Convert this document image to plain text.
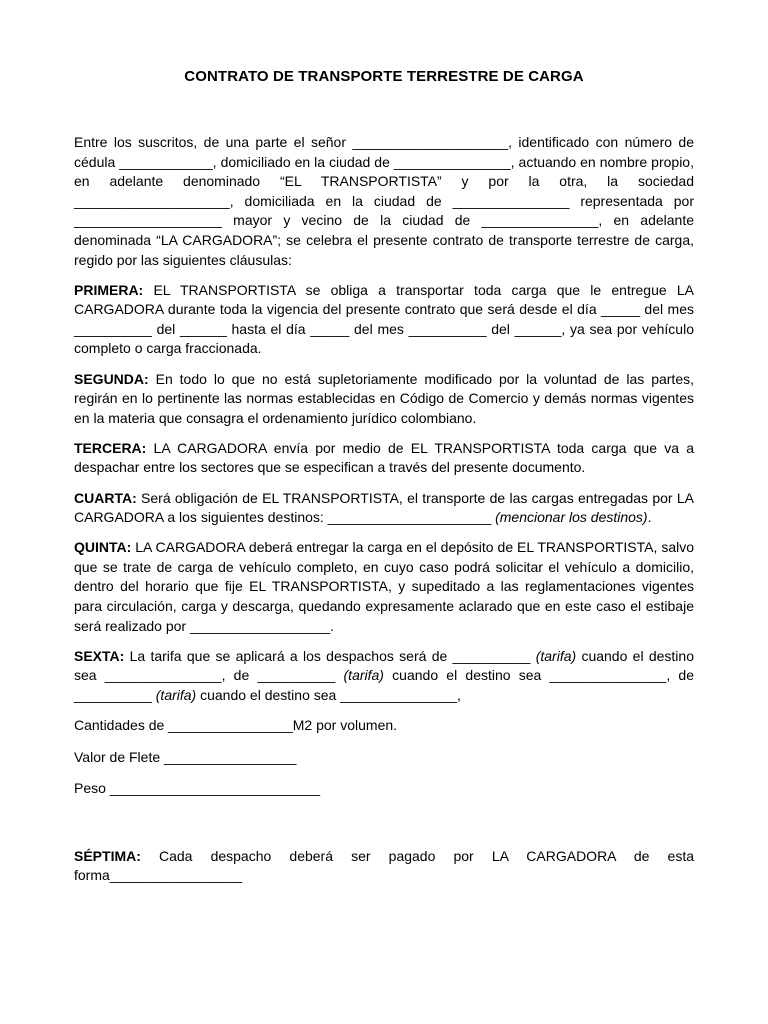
CONTRATO DE TRANSPORTE TERRESTRE DE CARGA

Entre los suscritos, de una parte el señor ____________________, identificado con número de cédula ____________, domiciliado en la ciudad de _______________, actuando en nombre propio, en adelante denominado “EL TRANSPORTISTA” y por la otra, la sociedad ____________________, domiciliada en la ciudad de _______________ representada por ___________________ mayor y vecino de la ciudad de _______________, en adelante denominada “LA CARGADORA”; se celebra el presente contrato de transporte terrestre de carga, regido por las siguientes cláusulas:

PRIMERA: EL TRANSPORTISTA se obliga a transportar toda carga que le entregue LA CARGADORA durante toda la vigencia del presente contrato que será desde el día _____ del mes __________ del ______ hasta el día _____ del mes __________ del ______, ya sea por vehículo completo o carga fraccionada.

SEGUNDA: En todo lo que no está supletoriamente modificado por la voluntad de las partes, regirán en lo pertinente las normas establecidas en Código de Comercio y demás normas vigentes en la materia que consagra el ordenamiento jurídico colombiano.

TERCERA: LA CARGADORA envía por medio de EL TRANSPORTISTA toda carga que va a despachar entre los sectores que se especifican a través del presente documento.

CUARTA: Será obligación de EL TRANSPORTISTA, el transporte de las cargas entregadas por LA CARGADORA a los siguientes destinos: _____________________ (mencionar los destinos).

QUINTA: LA CARGADORA deberá entregar la carga en el depósito de EL TRANSPORTISTA, salvo que se trate de carga de vehículo completo, en cuyo caso podrá solicitar el vehículo a domicilio, dentro del horario que fije EL TRANSPORTISTA, y supeditado a las reglamentaciones vigentes para circulación, carga y descarga, quedando expresamente aclarado que en este caso el estibaje será realizado por __________________.

SEXTA: La tarifa que se aplicará a los despachos será de __________ (tarifa) cuando el destino sea _______________, de __________ (tarifa) cuando el destino sea _______________, de __________ (tarifa) cuando el destino sea _______________,

Cantidades de ________________M2 por volumen.

Valor de Flete _________________

Peso ___________________________

SÉPTIMA: Cada despacho deberá ser pagado por LA CARGADORA de esta forma_________________
